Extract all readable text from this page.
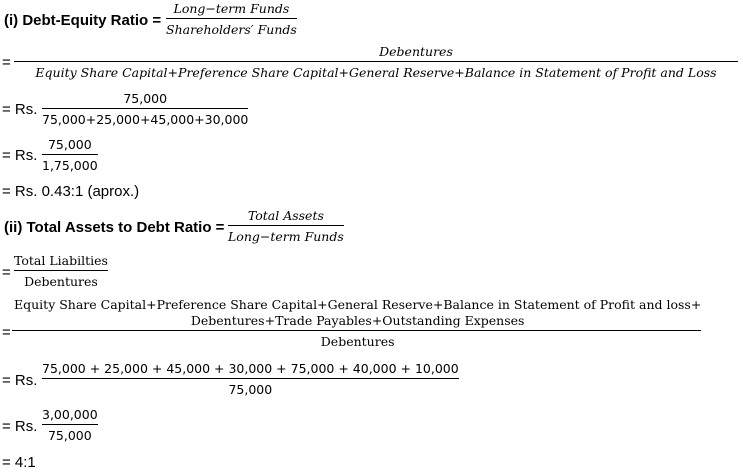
(i) Debt-Equity Ratio =
Long−term Funds
Shareholders′ Funds
=
Debentures
Equity Share Capital+Preference Share Capital+General Reserve+Balance in Statement of Profit and Loss
= Rs.
75,000
75,000+25,000+45,000+30,000
= Rs.
75,000
1,75,000
= Rs. 0.43:1 (aprox.)
(ii) Total Assets to Debt Ratio =
Total Assets
Long−term Funds
=
Total Liabilties
Debentures
=
Equity Share Capital+Preference Share Capital+General Reserve+Balance in Statement of Profit and loss+
Debentures+Trade Payables+Outstanding Expenses
Debentures
= Rs.
75,000 + 25,000 + 45,000 + 30,000 + 75,000 + 40,000 + 10,000
75,000
= Rs.
3,00,000
75,000
= 4:1
